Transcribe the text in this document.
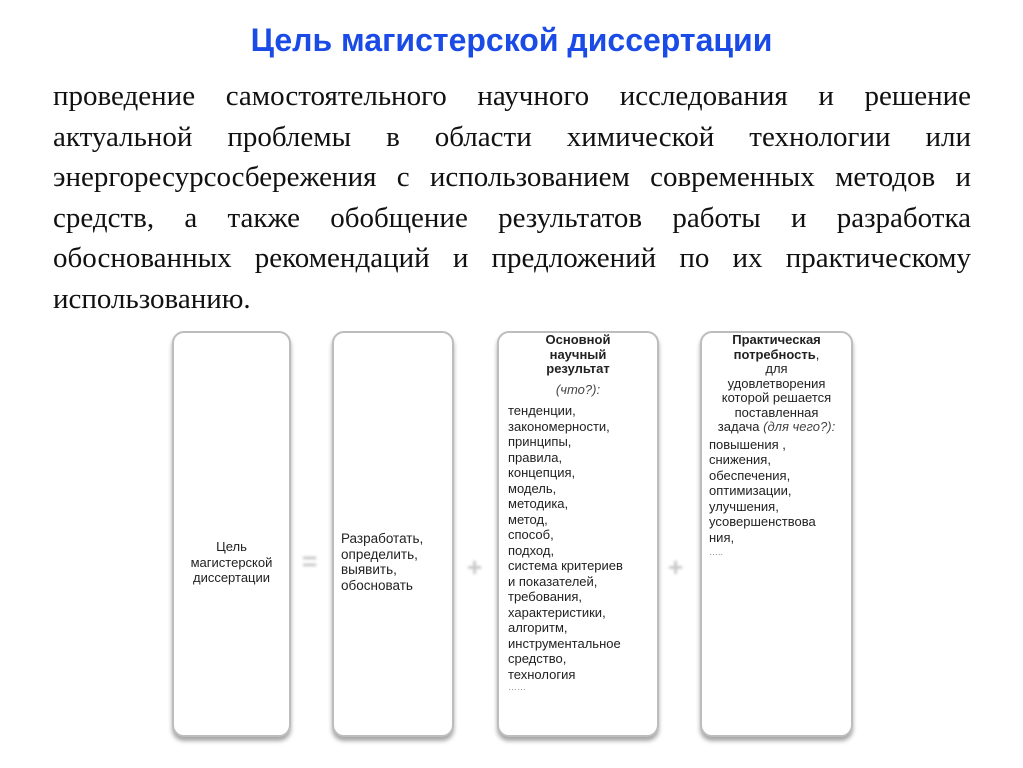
Цель магистерской диссертации
проведение самостоятельного научного исследования и решение актуальной проблемы в области химической технологии или энергоресурсосбережения с использованием современных методов и средств, а также обобщение результатов работы и разработка обоснованных рекомендаций и предложений по их практическому использованию.
Цель
магистерской
диссертации
=
Разработать,
определить,
выявить,
обосновать
+
Основной
научный
результат
(что?):
тенденции,
закономерности,
принципы,
правила,
концепция,
модель,
методика,
метод,
способ,
подход,
система критериев
и показателей,
требования,
характеристики,
алгоритм,
инструментальное
средство,
технология
……
+
Практическая
потребность,
для
удовлетворения
которой решается
поставленная
задача (для чего?):
повышения ,
снижения,
обеспечения,
оптимизации,
улучшения,
усовершенствова
ния,
…..
